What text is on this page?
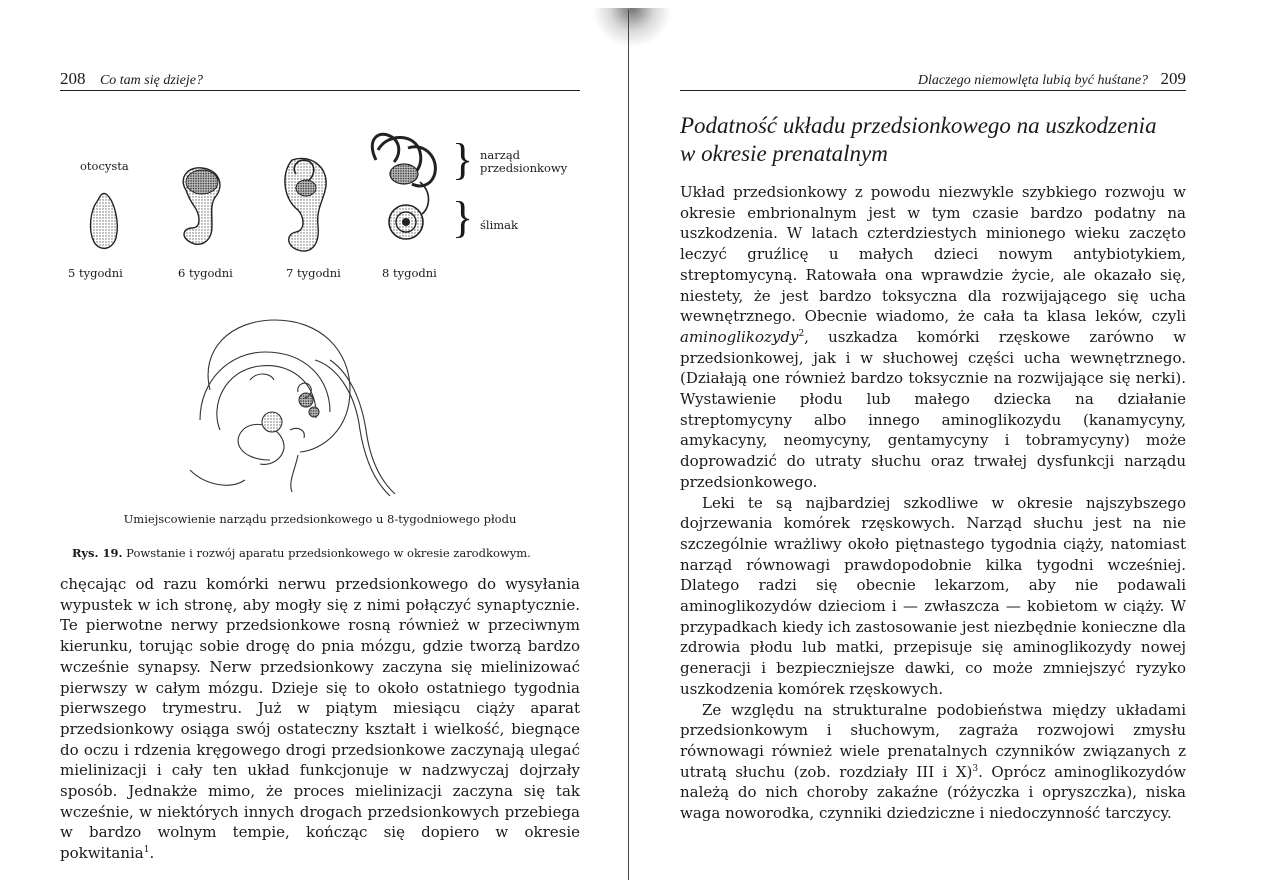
208 Co tam się dzieje?
otocysta	} narząd
przedsionkowy
} ślimak
5 tygodni	6 tygodni	7 tygodni	8 tygodni
Umiejscowienie narządu przedsionkowego u 8-tygodniowego płodu
Rys. 19. Powstanie i rozwój aparatu przedsionkowego w okresie zarodkowym.

chęcając od razu komórki nerwu przedsionkowego do wysyłania wypustek w ich stronę, aby mogły się z nimi połączyć synaptycznie. Te pierwotne nerwy przedsionkowe rosną również w przeciwnym kierunku, torując sobie drogę do pnia mózgu, gdzie tworzą bardzo wcześnie synapsy. Nerw przedsionkowy zaczyna się mielinizować pierwszy w całym mózgu. Dzieje się to około ostatniego tygodnia pierwszego trymestru. Już w piątym miesiącu ciąży aparat przedsionkowy osiąga swój ostateczny kształt i wielkość, biegnące do oczu i rdzenia kręgowego drogi przedsionkowe zaczynają ulegać mielinizacji i cały ten układ funkcjonuje w nadzwyczaj dojrzały sposób. Jednakże mimo, że proces mielinizacji zaczyna się tak wcześnie, w niektórych innych drogach przedsionkowych przebiega w bardzo wolnym tempie, kończąc się dopiero w okresie pokwitania$^1$.

Dlaczego niemowlęta lubią być huśtane? 209
Podatność układu przedsionkowego na uszkodzenia
w okresie prenatalnym

Układ przedsionkowy z powodu niezwykle szybkiego rozwoju w okresie embrionalnym jest w tym czasie bardzo podatny na uszkodzenia. W latach czterdziestych minionego wieku zaczęto leczyć gruźlicę u małych dzieci nowym antybiotykiem, streptomycyną. Ratowała ona wprawdzie życie, ale okazało się, niestety, że jest bardzo toksyczna dla rozwijającego się ucha wewnętrznego. Obecnie wiadomo, że cała ta klasa leków, czyli aminoglikozydy$^2$, uszkadza komórki rzęskowe zarówno w przedsionkowej, jak i w słuchowej części ucha wewnętrznego. (Działają one również bardzo toksycznie na rozwijające się nerki). Wystawienie płodu lub małego dziecka na działanie streptomycyny albo innego aminoglikozydu (kanamycyny, amykacyny, neomycyny, gentamycyny i tobramycyny) może doprowadzić do utraty słuchu oraz trwałej dysfunkcji narządu przedsionkowego.

Leki te są najbardziej szkodliwe w okresie najszybszego dojrzewania komórek rzęskowych. Narząd słuchu jest na nie szczególnie wrażliwy około piętnastego tygodnia ciąży, natomiast narząd równowagi prawdopodobnie kilka tygodni wcześniej. Dlatego radzi się obecnie lekarzom, aby nie podawali aminoglikozydów dzieciom i — zwłaszcza — kobietom w ciąży. W przypadkach kiedy ich zastosowanie jest niezbędnie konieczne dla zdrowia płodu lub matki, przepisuje się aminoglikozydy nowej generacji i bezpieczniejsze dawki, co może zmniejszyć ryzyko uszkodzenia komórek rzęskowych.

Ze względu na strukturalne podobieństwa między układami przedsionkowym i słuchowym, zagraża rozwojowi zmysłu równowagi również wiele prenatalnych czynników związanych z utratą słuchu (zob. rozdziały III i X)$^3$. Oprócz aminoglikozydów należą do nich choroby zakaźne (różyczka i opryszczka), niska waga noworodka, czynniki dziedziczne i niedoczynność tarczycy.
